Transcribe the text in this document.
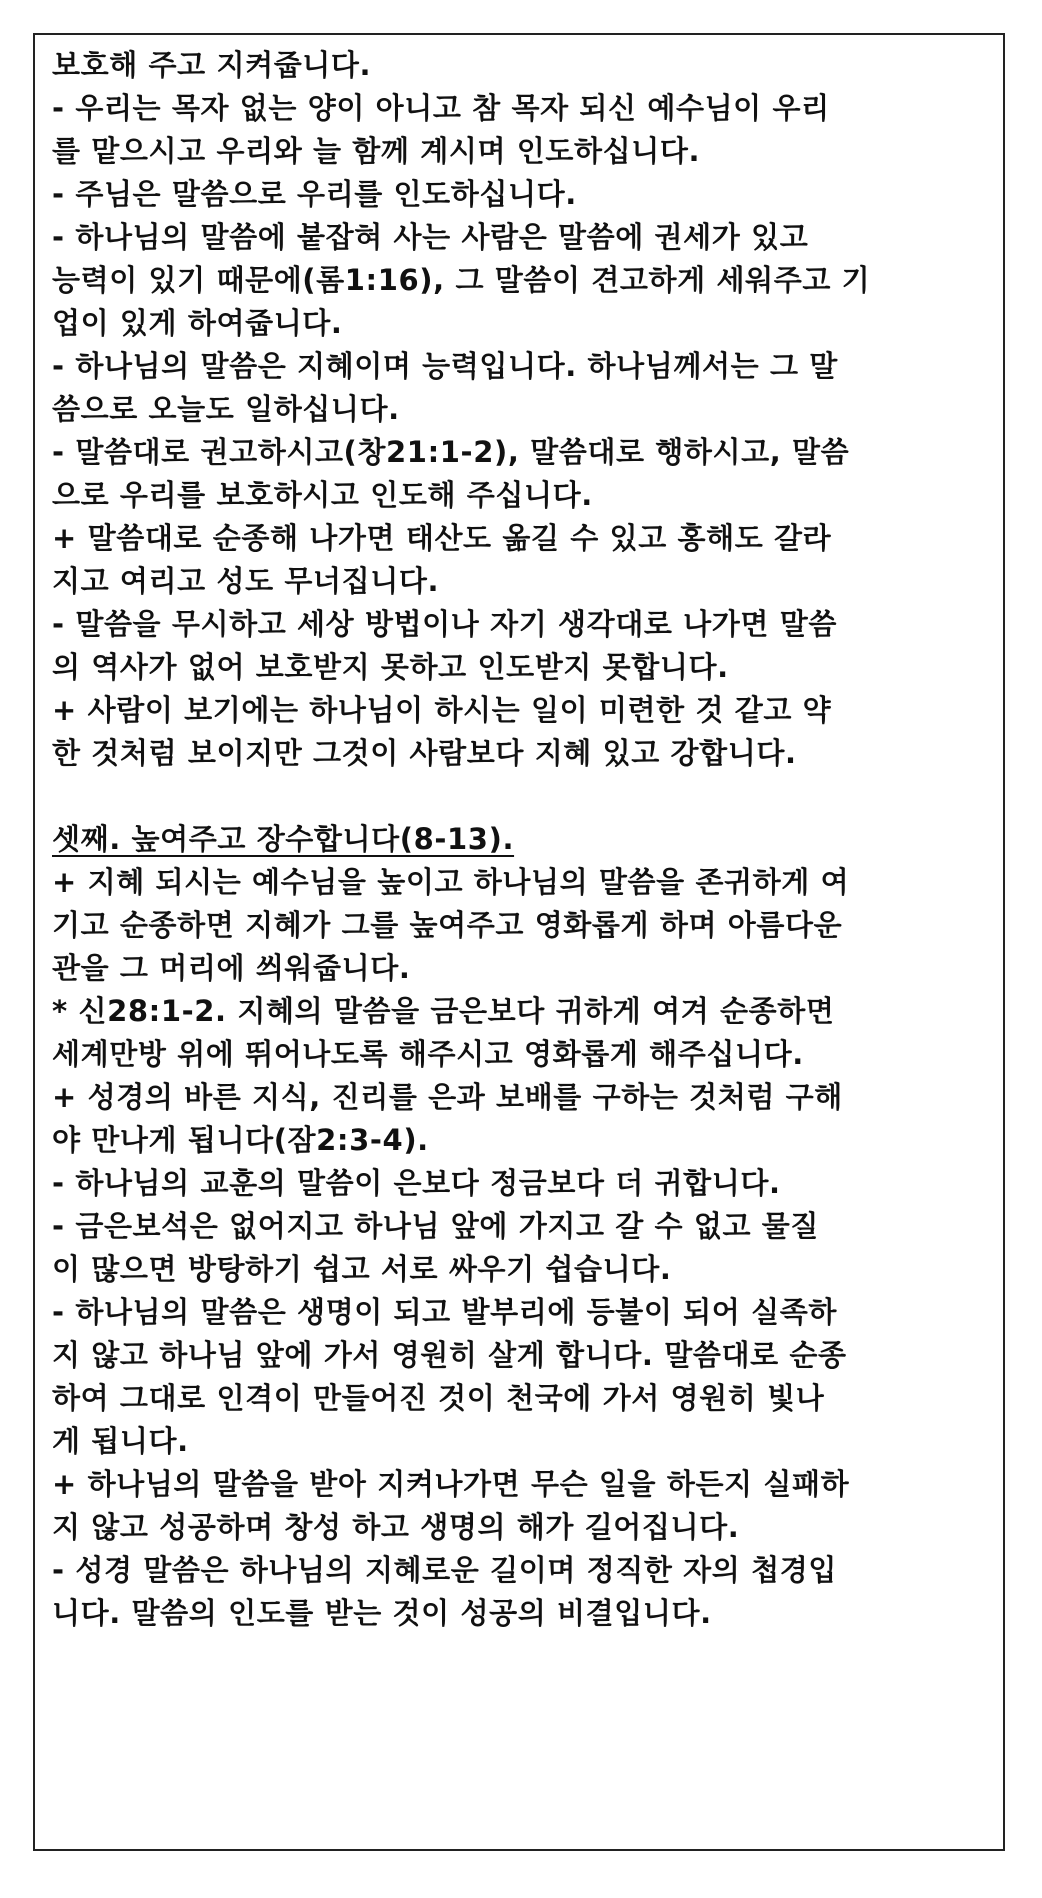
보호해 주고 지켜줍니다.
- 우리는 목자 없는 양이 아니고 참 목자 되신 예수님이 우리
를 맡으시고 우리와 늘 함께 계시며 인도하십니다.
- 주님은 말씀으로 우리를 인도하십니다.
- 하나님의 말씀에 붙잡혀 사는 사람은 말씀에 권세가 있고
능력이 있기 때문에(롬1:16), 그 말씀이 견고하게 세워주고 기
업이 있게 하여줍니다.
- 하나님의 말씀은 지혜이며 능력입니다. 하나님께서는 그 말
씀으로 오늘도 일하십니다.
- 말씀대로 권고하시고(창21:1-2), 말씀대로 행하시고, 말씀
으로 우리를 보호하시고 인도해 주십니다.
+ 말씀대로 순종해 나가면 태산도 옮길 수 있고 홍해도 갈라
지고 여리고 성도 무너집니다.
- 말씀을 무시하고 세상 방법이나 자기 생각대로 나가면 말씀
의 역사가 없어 보호받지 못하고 인도받지 못합니다.
+ 사람이 보기에는 하나님이 하시는 일이 미련한 것 같고 약
한 것처럼 보이지만 그것이 사람보다 지혜 있고 강합니다.
셋째. 높여주고 장수합니다(8-13).
+ 지혜 되시는 예수님을 높이고 하나님의 말씀을 존귀하게 여
기고 순종하면 지혜가 그를 높여주고 영화롭게 하며 아름다운
관을 그 머리에 씌워줍니다.
* 신28:1-2. 지혜의 말씀을 금은보다 귀하게 여겨 순종하면
세계만방 위에 뛰어나도록 해주시고 영화롭게 해주십니다.
+ 성경의 바른 지식, 진리를 은과 보배를 구하는 것처럼 구해
야 만나게 됩니다(잠2:3-4).
- 하나님의 교훈의 말씀이 은보다 정금보다 더 귀합니다.
- 금은보석은 없어지고 하나님 앞에 가지고 갈 수 없고 물질
이 많으면 방탕하기 쉽고 서로 싸우기 쉽습니다.
- 하나님의 말씀은 생명이 되고 발부리에 등불이 되어 실족하
지 않고 하나님 앞에 가서 영원히 살게 합니다. 말씀대로 순종
하여 그대로 인격이 만들어진 것이 천국에 가서 영원히 빛나
게 됩니다.
+ 하나님의 말씀을 받아 지켜나가면 무슨 일을 하든지 실패하
지 않고 성공하며 창성 하고 생명의 해가 길어집니다.
- 성경 말씀은 하나님의 지혜로운 길이며 정직한 자의 첩경입
니다. 말씀의 인도를 받는 것이 성공의 비결입니다.
